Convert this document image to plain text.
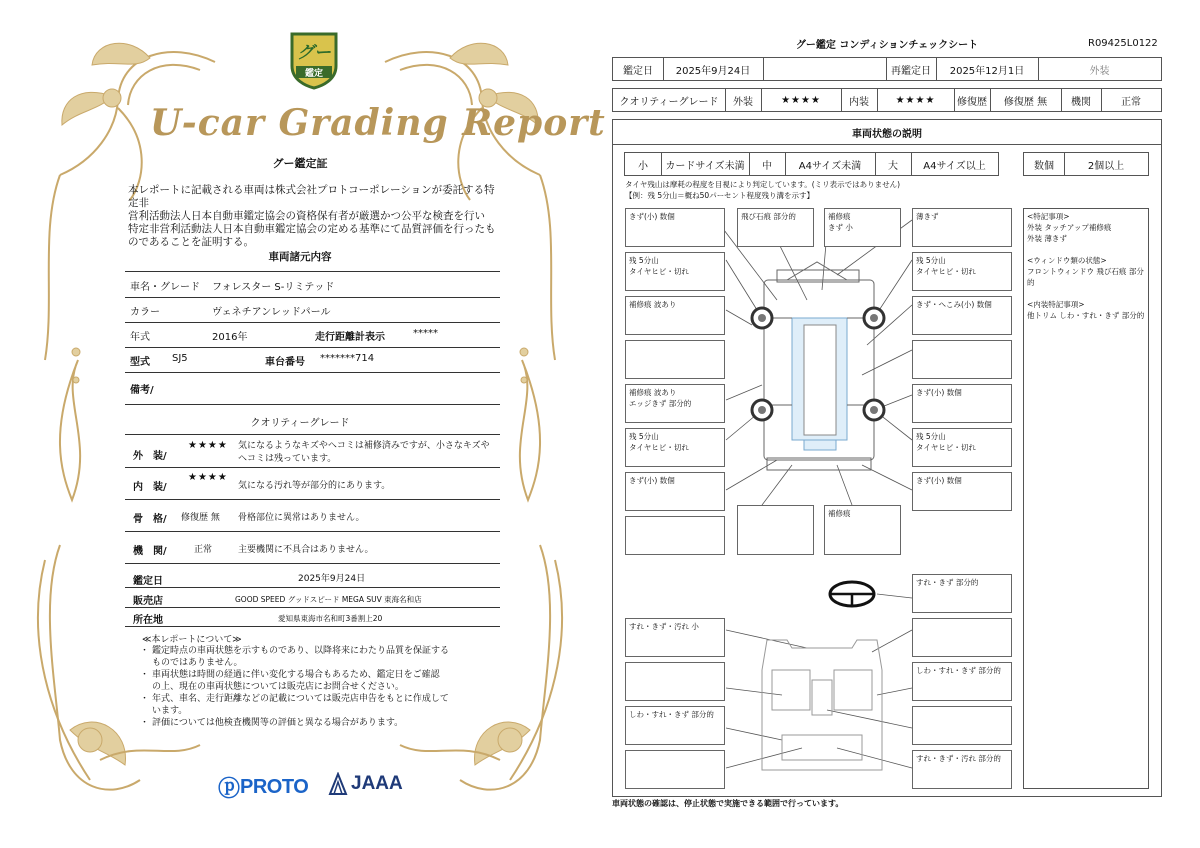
グー
鑑定
U-car Grading Report
グー鑑定証
本レポートに記載される車両は株式会社プロトコーポレーションが委託する特定非
営利活動法人日本自動車鑑定協会の資格保有者が厳選かつ公平な検査を行い
特定非営利活動法人日本自動車鑑定協会の定める基準にて品質評価を行ったも
のであることを証明する。
車両諸元内容
車名・グレード フォレスター S-リミテッド
カラー	ヴェネチアンレッドパール
年式	2016年	走行距離計表示	*****
型式 SJ5	車台番号 *******714
備考/
クオリティーグレード
外　装/
★★★★ 気になるようなキズやヘコミは補修済みですが、小さなキズや
ヘコミは残っています。
内　装/
★★★★
気になる汚れ等が部分的にあります。
骨　格/ 修復歴 無 骨格部位に異常はありません。
機　関/	正常	主要機関に不具合はありません。
鑑定日	2025年9月24日
販売店	GOOD SPEED グッドスピード MEGA SUV 東海名和店
所在地	愛知県東海市名和町3番割上20
≪本レポートについて≫
・ 鑑定時点の車両状態を示すものであり、以降将来にわたり品質を保証する
ものではありません。
・ 車両状態は時間の経過に伴い変化する場合もあるため、鑑定日をご確認
の上、現在の車両状態については販売店にお問合せください。
・ 年式、車名、走行距離などの記載については販売店申告をもとに作成して
います。
・ 評価については他検査機関等の評価と異なる場合があります。
ⓟ PROTO JAAA
グー鑑定 コンディションチェックシート	R09425L0122
鑑定日	2025年9月24日	再鑑定日	2025年12月1日	外装
クオリティーグレード	外装	★★★★	内装	★★★★	修復歴	修復歴 無	機関	正常
車両状態の説明
小	カードサイズ未満	中	A4サイズ未満	大	A4サイズ以上	数個	2個以上
タイヤ残山は摩耗の程度を目視により判定しています。(ミリ表示ではありません)
【例：残 5分山＝概ね50パーセント程度残り溝を示す】
きず(小) 数個
残 5分山
タイヤヒビ・切れ
補修痕 波あり
補修痕 波あり
エッジきず 部分的
残 5分山
タイヤヒビ・切れ
きず(小) 数個
飛び石痕 部分的	補修痕
きず 小
薄きず
残 5分山
タイヤヒビ・切れ
きず・へこみ(小) 数個
きず(小) 数個
残 5分山
タイヤヒビ・切れ
きず(小) 数個
補修痕
すれ・きず 部分的
しわ・すれ・きず 部分的
すれ・きず・汚れ 部分的
すれ・きず・汚れ 小
しわ・すれ・きず 部分的
<特記事項>
外装 タッチアップ補修痕
外装 薄きず

<ウィンドウ類の状態>
フロントウィンドウ 飛び石痕 部分的

<内装特記事項>
他トリム しわ・すれ・きず 部分的
車両状態の確認は、停止状態で実施できる範囲で行っています。
